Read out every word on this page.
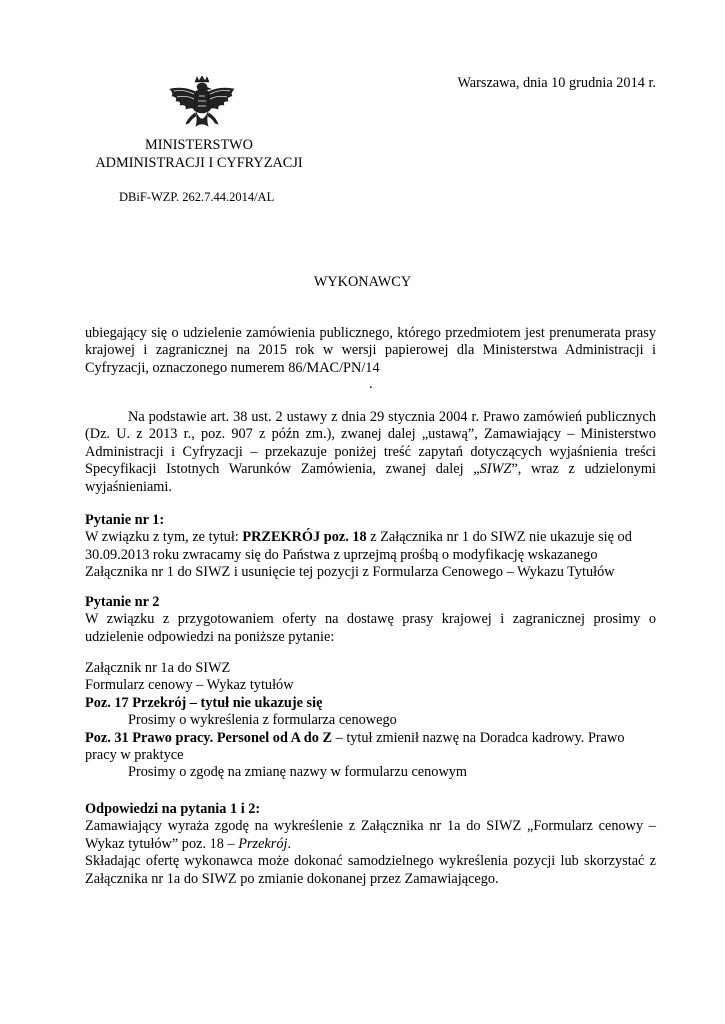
Warszawa, dnia 10 grudnia 2014 r.
MINISTERSTWO
ADMINISTRACJI I CYFRYZACJI
DBiF-WZP. 262.7.44.2014/AL
WYKONAWCY
ubiegający się o udzielenie zamówienia publicznego, którego przedmiotem jest prenumerata prasy krajowej i zagranicznej na 2015 rok w wersji papierowej dla Ministerstwa Administracji i Cyfryzacji, oznaczonego numerem 86/MAC/PN/14
.
Na podstawie art. 38 ust. 2 ustawy z dnia 29 stycznia 2004 r. Prawo zamówień publicznych (Dz. U. z 2013 r., poz. 907 z późn zm.), zwanej dalej „ustawą”, Zamawiający – Ministerstwo Administracji i Cyfryzacji – przekazuje poniżej treść zapytań dotyczących wyjaśnienia treści Specyfikacji Istotnych Warunków Zamówienia, zwanej dalej „SIWZ”, wraz z udzielonymi wyjaśnieniami.
Pytanie nr 1:
W związku z tym, ze tytuł: PRZEKRÓJ poz. 18 z Załącznika nr 1 do SIWZ nie ukazuje się od 30.09.2013 roku zwracamy się do Państwa z uprzejmą prośbą o modyfikację wskazanego Załącznika nr 1 do SIWZ i usunięcie tej pozycji z Formularza Cenowego – Wykazu Tytułów
Pytanie nr 2
W związku z przygotowaniem oferty na dostawę prasy krajowej i zagranicznej prosimy o udzielenie odpowiedzi na poniższe pytanie:
Załącznik nr 1a do SIWZ
Formularz cenowy – Wykaz tytułów
Poz. 17 Przekrój – tytuł nie ukazuje się
Prosimy o wykreślenia z formularza cenowego
Poz. 31 Prawo pracy. Personel od A do Z – tytuł zmienił nazwę na Doradca kadrowy. Prawo pracy w praktyce
Prosimy o zgodę na zmianę nazwy w formularzu cenowym
Odpowiedzi na pytania 1 i 2:
Zamawiający wyraża zgodę na wykreślenie z Załącznika nr 1a do SIWZ „Formularz cenowy – Wykaz tytułów” poz. 18 – Przekrój.
Składając ofertę wykonawca może dokonać samodzielnego wykreślenia pozycji lub skorzystać z Załącznika nr 1a do SIWZ po zmianie dokonanej przez Zamawiającego.
